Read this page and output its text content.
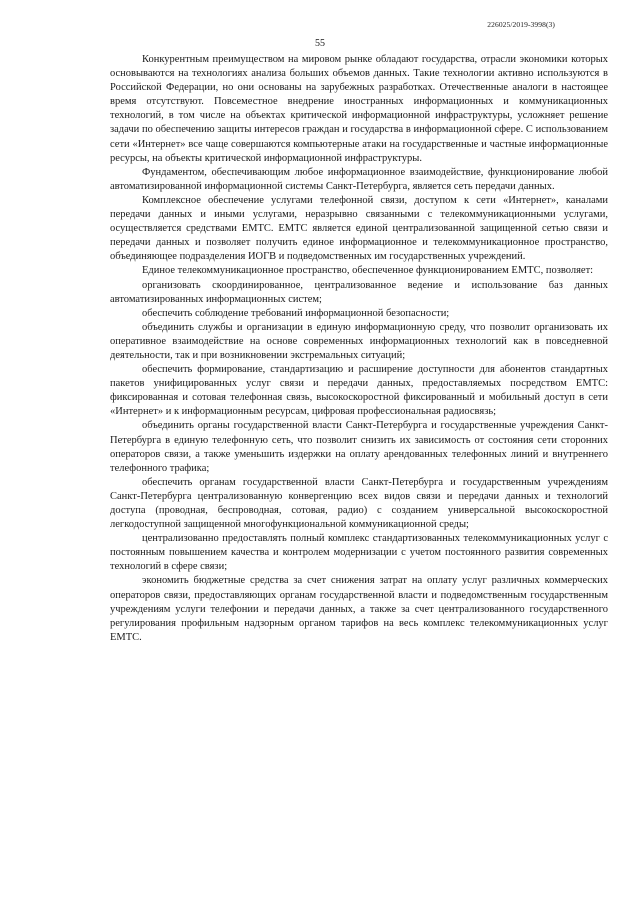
226025/2019-3998(3)
55

Конкурентным преимуществом на мировом рынке обладают государства, отрасли экономики которых основываются на технологиях анализа больших объемов данных. Такие технологии активно используются в Российской Федерации, но они основаны на зарубежных разработках. Отечественные аналоги в настоящее время отсутствуют. Повсеместное внедрение иностранных информационных и коммуникационных технологий, в том числе на объектах критической информационной инфраструктуры, усложняет решение задачи по обеспечению защиты интересов граждан и государства в информационной сфере. С использованием сети «Интернет» все чаще совершаются компьютерные атаки на государственные и частные информационные ресурсы, на объекты критической информационной инфраструктуры.

Фундаментом, обеспечивающим любое информационное взаимодействие, функционирование любой автоматизированной информационной системы Санкт-Петербурга, является сеть передачи данных.

Комплексное обеспечение услугами телефонной связи, доступом к сети «Интернет», каналами передачи данных и иными услугами, неразрывно связанными с телекоммуникационными услугами, осуществляется средствами ЕМТС. ЕМТС является единой централизованной защищенной сетью связи и передачи данных и позволяет получить единое информационное и телекоммуникационное пространство, объединяющее подразделения ИОГВ и подведомственных им государственных учреждений.

Единое телекоммуникационное пространство, обеспеченное функционированием ЕМТС, позволяет:

организовать скоординированное, централизованное ведение и использование баз данных автоматизированных информационных систем;

обеспечить соблюдение требований информационной безопасности;

объединить службы и организации в единую информационную среду, что позволит организовать их оперативное взаимодействие на основе современных информационных технологий как в повседневной деятельности, так и при возникновении экстремальных ситуаций;

обеспечить формирование, стандартизацию и расширение доступности для абонентов стандартных пакетов унифицированных услуг связи и передачи данных, предоставляемых посредством ЕМТС: фиксированная и сотовая телефонная связь, высокоскоростной фиксированный и мобильный доступ в сети «Интернет» и к информационным ресурсам, цифровая профессиональная радиосвязь;

объединить органы государственной власти Санкт-Петербурга и государственные учреждения Санкт-Петербурга в единую телефонную сеть, что позволит снизить их зависимость от состояния сети сторонних операторов связи, а также уменьшить издержки на оплату арендованных телефонных линий и внутреннего телефонного трафика;

обеспечить органам государственной власти Санкт-Петербурга и государственным учреждениям Санкт-Петербурга централизованную конвергенцию всех видов связи и передачи данных и технологий доступа (проводная, беспроводная, сотовая, радио) с созданием универсальной высокоскоростной легкодоступной защищенной многофункциональной коммуникационной среды;

централизованно предоставлять полный комплекс стандартизованных телекоммуникационных услуг с постоянным повышением качества и контролем модернизации с учетом постоянного развития современных технологий в сфере связи;

экономить бюджетные средства за счет снижения затрат на оплату услуг различных коммерческих операторов связи, предоставляющих органам государственной власти и подведомственным государственным учреждениям услуги телефонии и передачи данных, а также за счет централизованного государственного регулирования профильным надзорным органом тарифов на весь комплекс телекоммуникационных услуг ЕМТС.
